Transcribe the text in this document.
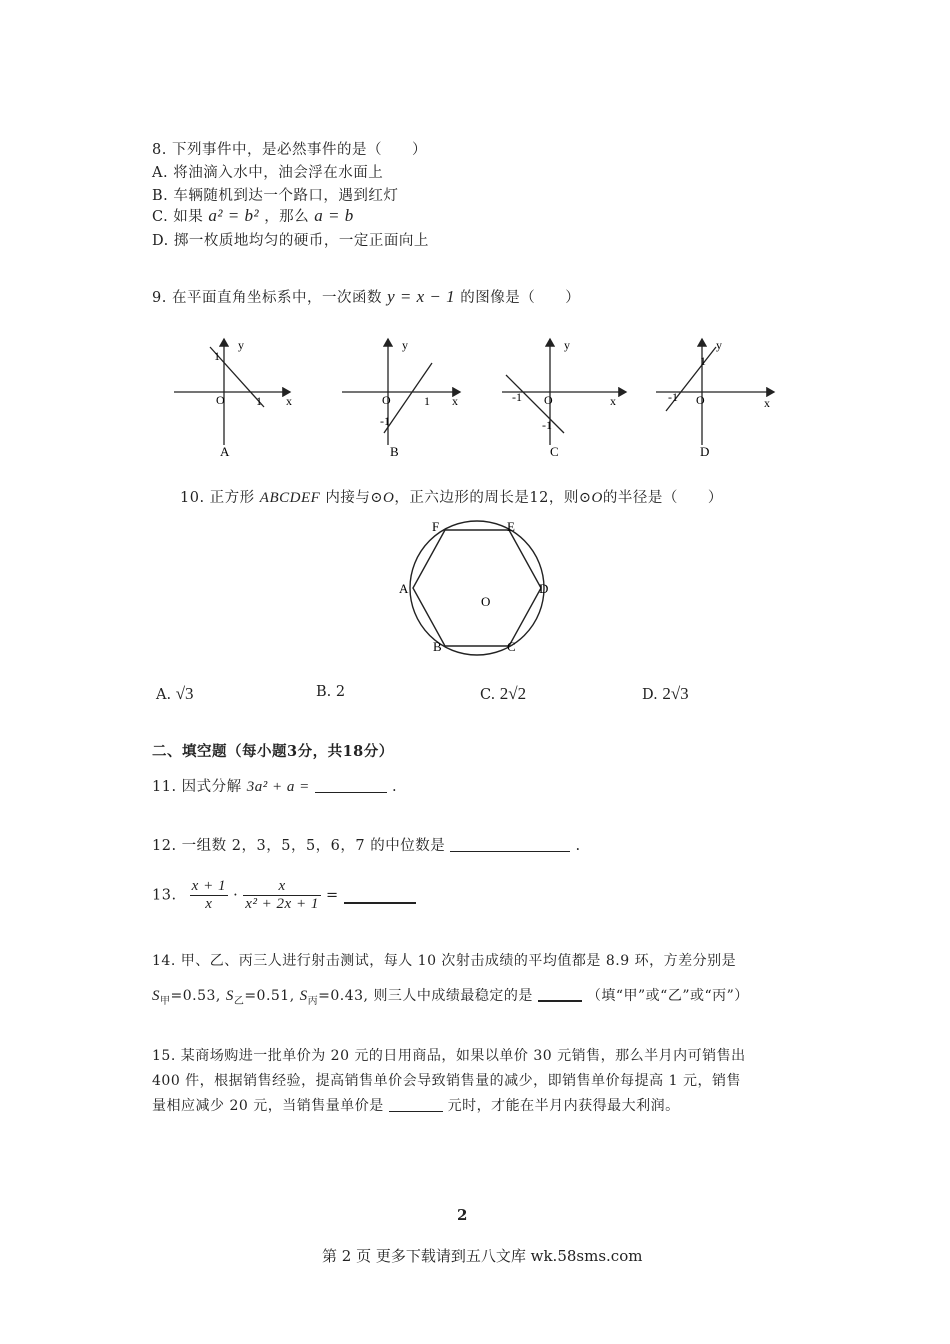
8. 下列事件中，是必然事件的是（　　）
A. 将油滴入水中，油会浮在水面上
B. 车辆随机到达一个路口，遇到红灯
C. 如果 a² = b² ，那么 a = b
D. 掷一枚质地均匀的硬币，一定正面向上
9. 在平面直角坐标系中，一次函数 y = x − 1 的图像是（　　）
y
x
1
1
O
A
y
x
-1
1
O
B
y
x
-1
-1 O
C
y
x
1
-1 O
D
10. 正方形 ABCDEF 内接与⊙O，正六边形的周长是12，则⊙O的半径是（　　）
A
B	C
D
E
F
O
A. √3	B. 2	C. 2√2	D. 2√3
二、填空题（每小题3分，共18分）
11. 因式分解 3a² + a =	.
12. 一组数 2，3，5，5，6，7 的中位数是	.
13. $\frac{x + 1}{x} \cdot \frac{x}{\text{x² + 2x + 1}}$ =
14. 甲、乙、丙三人进行射击测试，每人 10 次射击成绩的平均值都是 8.9 环，方差分别是
$S_甲=0.53$, $S_乙=0.51$, $S_丙=0.43$, 则三人中成绩最稳定的是	（填“甲”或“乙”或“丙”）
15. 某商场购进一批单价为 20 元的日用商品，如果以单价 30 元销售，那么半月内可销售出
400 件，根据销售经验，提高销售单价会导致销售量的减少，即销售单价每提高 1 元，销售
量相应减少 20 元，当销售量单价是	元时，才能在半月内获得最大利润。
2
第 2 页 更多下载请到五八文库 wk.58sms.com
